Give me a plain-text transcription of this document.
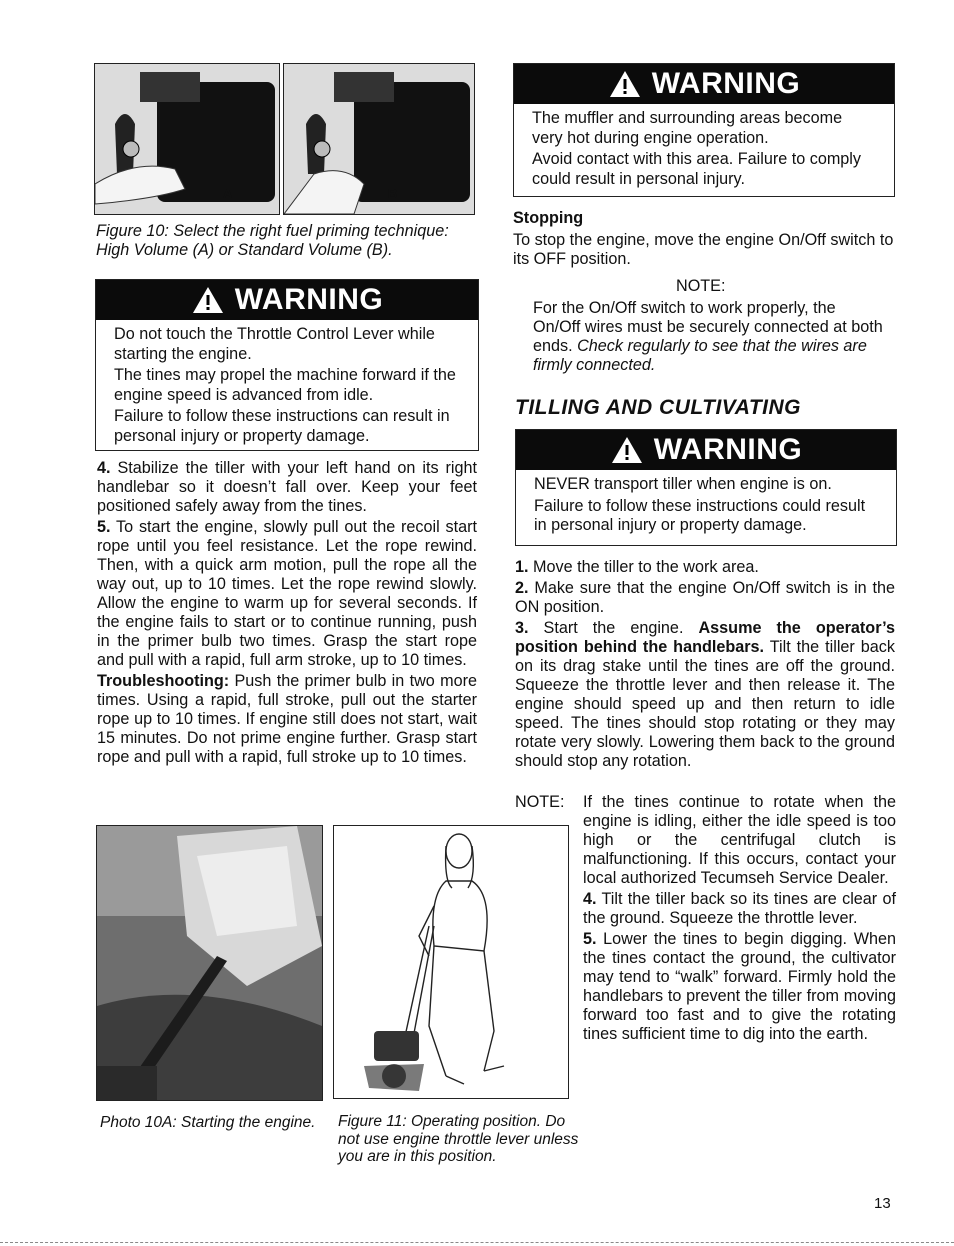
A	B
Figure 10: Select the right fuel priming technique: High Volume (A) or Standard Volume (B).
WARNING

Do not touch the Throttle Control Lever while starting the engine.

The tines may propel the machine forward if the engine speed is advanced from idle.

Failure to follow these instructions can result in personal injury or property damage.

4. Stabilize the tiller with your left hand on its right handlebar so it doesn’t fall over. Keep your feet positioned safely away from the tines.

5. To start the engine, slowly pull out the recoil start rope until you feel resistance. Let the rope rewind. Then, with a quick arm motion, pull the rope all the way out, up to 10 times. Let the rope rewind slowly. Allow the engine to warm up for several seconds. If the engine fails to start or to continue running, push in the primer bulb two times. Grasp the start rope and pull with a rapid, full arm stroke, up to 10 times.

Troubleshooting: Push the primer bulb in two more times. Using a rapid, full stroke, pull out the starter rope up to 10 times. If engine still does not start, wait 15 minutes. Do not prime engine further. Grasp start rope and pull with a rapid, full stroke up to 10 times.

Photo 10A: Starting the engine.	Figure 11: Operating position. Do not use engine throttle lever unless you are in this position.
WARNING

The muffler and surrounding areas become very hot during engine operation.

Avoid contact with this area. Failure to comply could result in personal injury.

Stopping
To stop the engine, move the engine On/Off switch to its OFF position.
NOTE:
For the On/Off switch to work properly, the On/Off wires must be securely connected at both ends. Check regularly to see that the wires are firmly connected.
TILLING AND CULTIVATING
WARNING

NEVER transport tiller when engine is on.

Failure to follow these instructions could result in personal injury or property damage.

1. Move the tiller to the work area.

2. Make sure that the engine On/Off switch is in the ON position.

3. Start the engine. Assume the operator’s position behind the handlebars. Tilt the tiller back on its drag stake until the tines are off the ground. Squeeze the throttle lever and then release it. The engine should speed up and then return to idle speed. The tines should stop rotating or they may rotate very slowly. Lowering them back to the ground should stop any rotation.

NOTE: If the tines continue to rotate when the engine is idling, either the idle speed is too high or the centrifugal clutch is malfunctioning. If this occurs, contact your local authorized Tecumseh Service Dealer.

4. Tilt the tiller back so its tines are clear of the ground. Squeeze the throttle lever.

5. Lower the tines to begin digging. When the tines contact the ground, the cultivator may tend to “walk” forward. Firmly hold the handlebars to prevent the tiller from moving forward too fast and to give the rotating tines sufficient time to dig into the earth.

13
